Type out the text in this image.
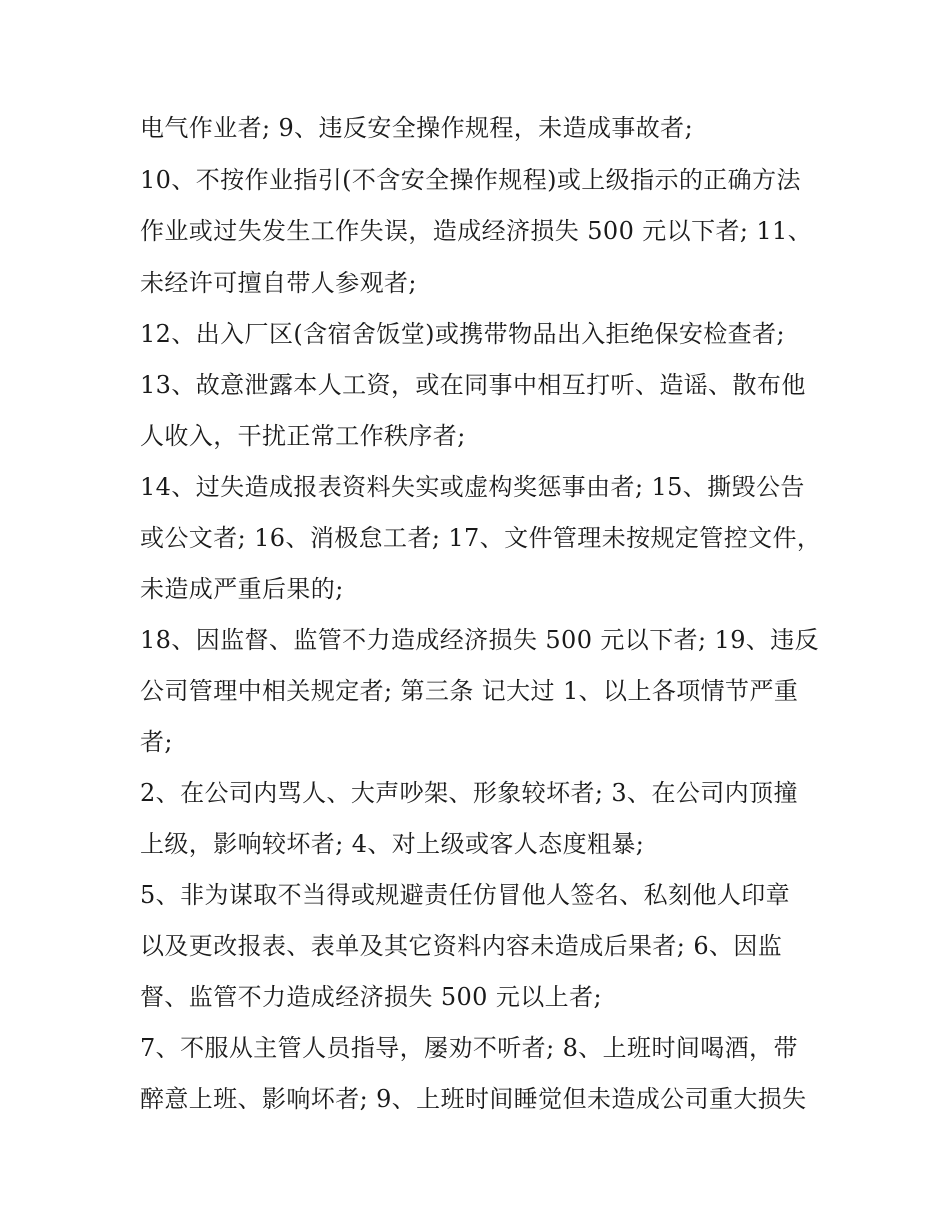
电气作业者; 9、违反安全操作规程，未造成事故者;
10、不按作业指引(不含安全操作规程)或上级指示的正确方法
作业或过失发生工作失误，造成经济损失 500 元以下者; 11、
未经许可擅自带人参观者;
12、出入厂区(含宿舍饭堂)或携带物品出入拒绝保安检查者;
13、故意泄露本人工资，或在同事中相互打听、造谣、散布他
人收入，干扰正常工作秩序者;
14、过失造成报表资料失实或虚构奖惩事由者; 15、撕毁公告
或公文者; 16、消极怠工者; 17、文件管理未按规定管控文件，
未造成严重后果的;
18、因监督、监管不力造成经济损失 500 元以下者; 19、违反
公司管理中相关规定者; 第三条 记大过 1、以上各项情节严重
者;
2、在公司内骂人、大声吵架、形象较坏者; 3、在公司内顶撞
上级，影响较坏者; 4、对上级或客人态度粗暴;
5、非为谋取不当得或规避责任仿冒他人签名、私刻他人印章
以及更改报表、表单及其它资料内容未造成后果者; 6、因监
督、监管不力造成经济损失 500 元以上者;
7、不服从主管人员指导，屡劝不听者; 8、上班时间喝酒，带
醉意上班、影响坏者; 9、上班时间睡觉但未造成公司重大损失
